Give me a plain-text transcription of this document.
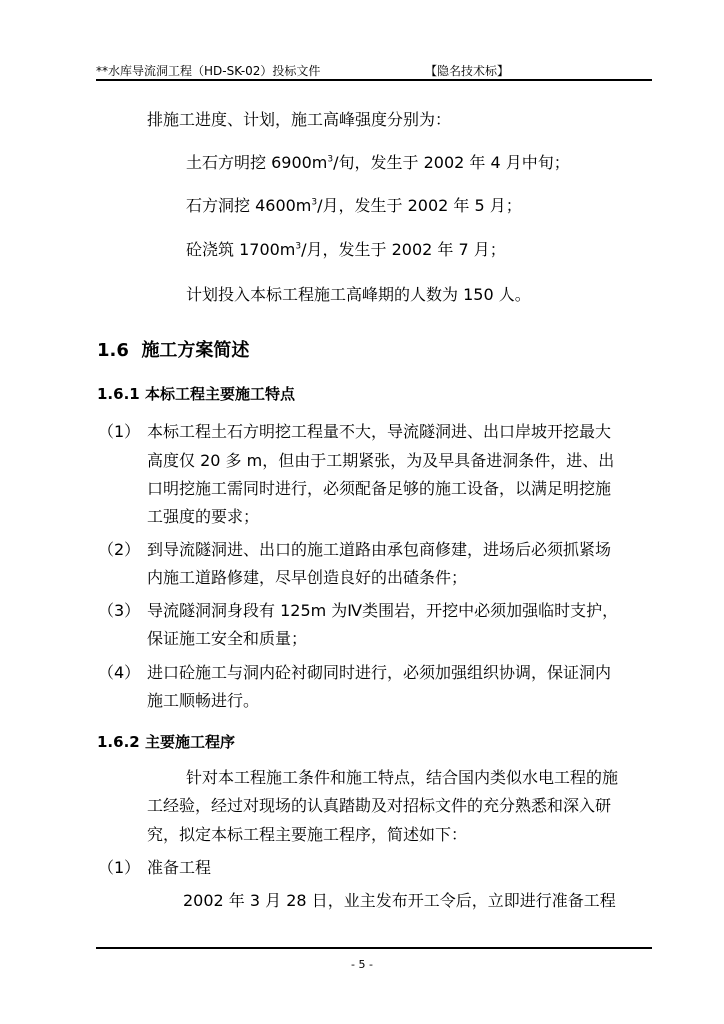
**水库导流洞工程（HD-SK-02）投标文件	【隐名技术标】
排施工进度、计划，施工高峰强度分别为：
土石方明挖 $6900m^3/$旬，发生于 2002 年 4 月中旬；
石方洞挖 $4600m^3/$月，发生于 2002 年 5 月；
砼浇筑 $1700m^3/$月，发生于 2002 年 7 月；
计划投入本标工程施工高峰期的人数为 150 人。
1.6 施工方案简述
1.6.1 本标工程主要施工特点
（1） 本标工程土石方明挖工程量不大，导流隧洞进、出口岸坡开挖最大
高度仅 20 多 m，但由于工期紧张，为及早具备进洞条件，进、出
口明挖施工需同时进行，必须配备足够的施工设备，以满足明挖施
工强度的要求；
（2） 到导流隧洞进、出口的施工道路由承包商修建，进场后必须抓紧场
内施工道路修建，尽早创造良好的出碴条件；
（3） 导流隧洞洞身段有 125m 为Ⅳ类围岩，开挖中必须加强临时支护，
保证施工安全和质量；
（4） 进口砼施工与洞内砼衬砌同时进行，必须加强组织协调，保证洞内
施工顺畅进行。
1.6.2 主要施工程序
针对本工程施工条件和施工特点，结合国内类似水电工程的施
工经验，经过对现场的认真踏勘及对招标文件的充分熟悉和深入研
究，拟定本标工程主要施工程序，简述如下：
（1） 准备工程
2002 年 3 月 28 日，业主发布开工令后，立即进行准备工程
- 5 -
